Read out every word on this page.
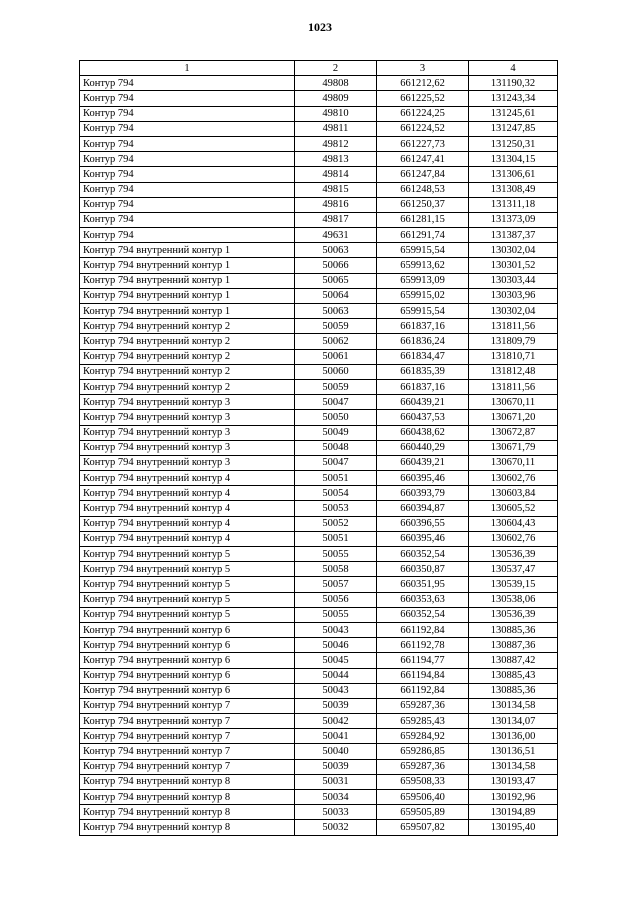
1023
1	2	3	4
Контур 794	49808	661212,62	131190,32
Контур 794	49809	661225,52	131243,34
Контур 794	49810	661224,25	131245,61
Контур 794	49811	661224,52	131247,85
Контур 794	49812	661227,73	131250,31
Контур 794	49813	661247,41	131304,15
Контур 794	49814	661247,84	131306,61
Контур 794	49815	661248,53	131308,49
Контур 794	49816	661250,37	131311,18
Контур 794	49817	661281,15	131373,09
Контур 794	49631	661291,74	131387,37
Контур 794 внутренний контур 1	50063	659915,54	130302,04
Контур 794 внутренний контур 1	50066	659913,62	130301,52
Контур 794 внутренний контур 1	50065	659913,09	130303,44
Контур 794 внутренний контур 1	50064	659915,02	130303,96
Контур 794 внутренний контур 1	50063	659915,54	130302,04
Контур 794 внутренний контур 2	50059	661837,16	131811,56
Контур 794 внутренний контур 2	50062	661836,24	131809,79
Контур 794 внутренний контур 2	50061	661834,47	131810,71
Контур 794 внутренний контур 2	50060	661835,39	131812,48
Контур 794 внутренний контур 2	50059	661837,16	131811,56
Контур 794 внутренний контур 3	50047	660439,21	130670,11
Контур 794 внутренний контур 3	50050	660437,53	130671,20
Контур 794 внутренний контур 3	50049	660438,62	130672,87
Контур 794 внутренний контур 3	50048	660440,29	130671,79
Контур 794 внутренний контур 3	50047	660439,21	130670,11
Контур 794 внутренний контур 4	50051	660395,46	130602,76
Контур 794 внутренний контур 4	50054	660393,79	130603,84
Контур 794 внутренний контур 4	50053	660394,87	130605,52
Контур 794 внутренний контур 4	50052	660396,55	130604,43
Контур 794 внутренний контур 4	50051	660395,46	130602,76
Контур 794 внутренний контур 5	50055	660352,54	130536,39
Контур 794 внутренний контур 5	50058	660350,87	130537,47
Контур 794 внутренний контур 5	50057	660351,95	130539,15
Контур 794 внутренний контур 5	50056	660353,63	130538,06
Контур 794 внутренний контур 5	50055	660352,54	130536,39
Контур 794 внутренний контур 6	50043	661192,84	130885,36
Контур 794 внутренний контур 6	50046	661192,78	130887,36
Контур 794 внутренний контур 6	50045	661194,77	130887,42
Контур 794 внутренний контур 6	50044	661194,84	130885,43
Контур 794 внутренний контур 6	50043	661192,84	130885,36
Контур 794 внутренний контур 7	50039	659287,36	130134,58
Контур 794 внутренний контур 7	50042	659285,43	130134,07
Контур 794 внутренний контур 7	50041	659284,92	130136,00
Контур 794 внутренний контур 7	50040	659286,85	130136,51
Контур 794 внутренний контур 7	50039	659287,36	130134,58
Контур 794 внутренний контур 8	50031	659508,33	130193,47
Контур 794 внутренний контур 8	50034	659506,40	130192,96
Контур 794 внутренний контур 8	50033	659505,89	130194,89
Контур 794 внутренний контур 8	50032	659507,82	130195,40
